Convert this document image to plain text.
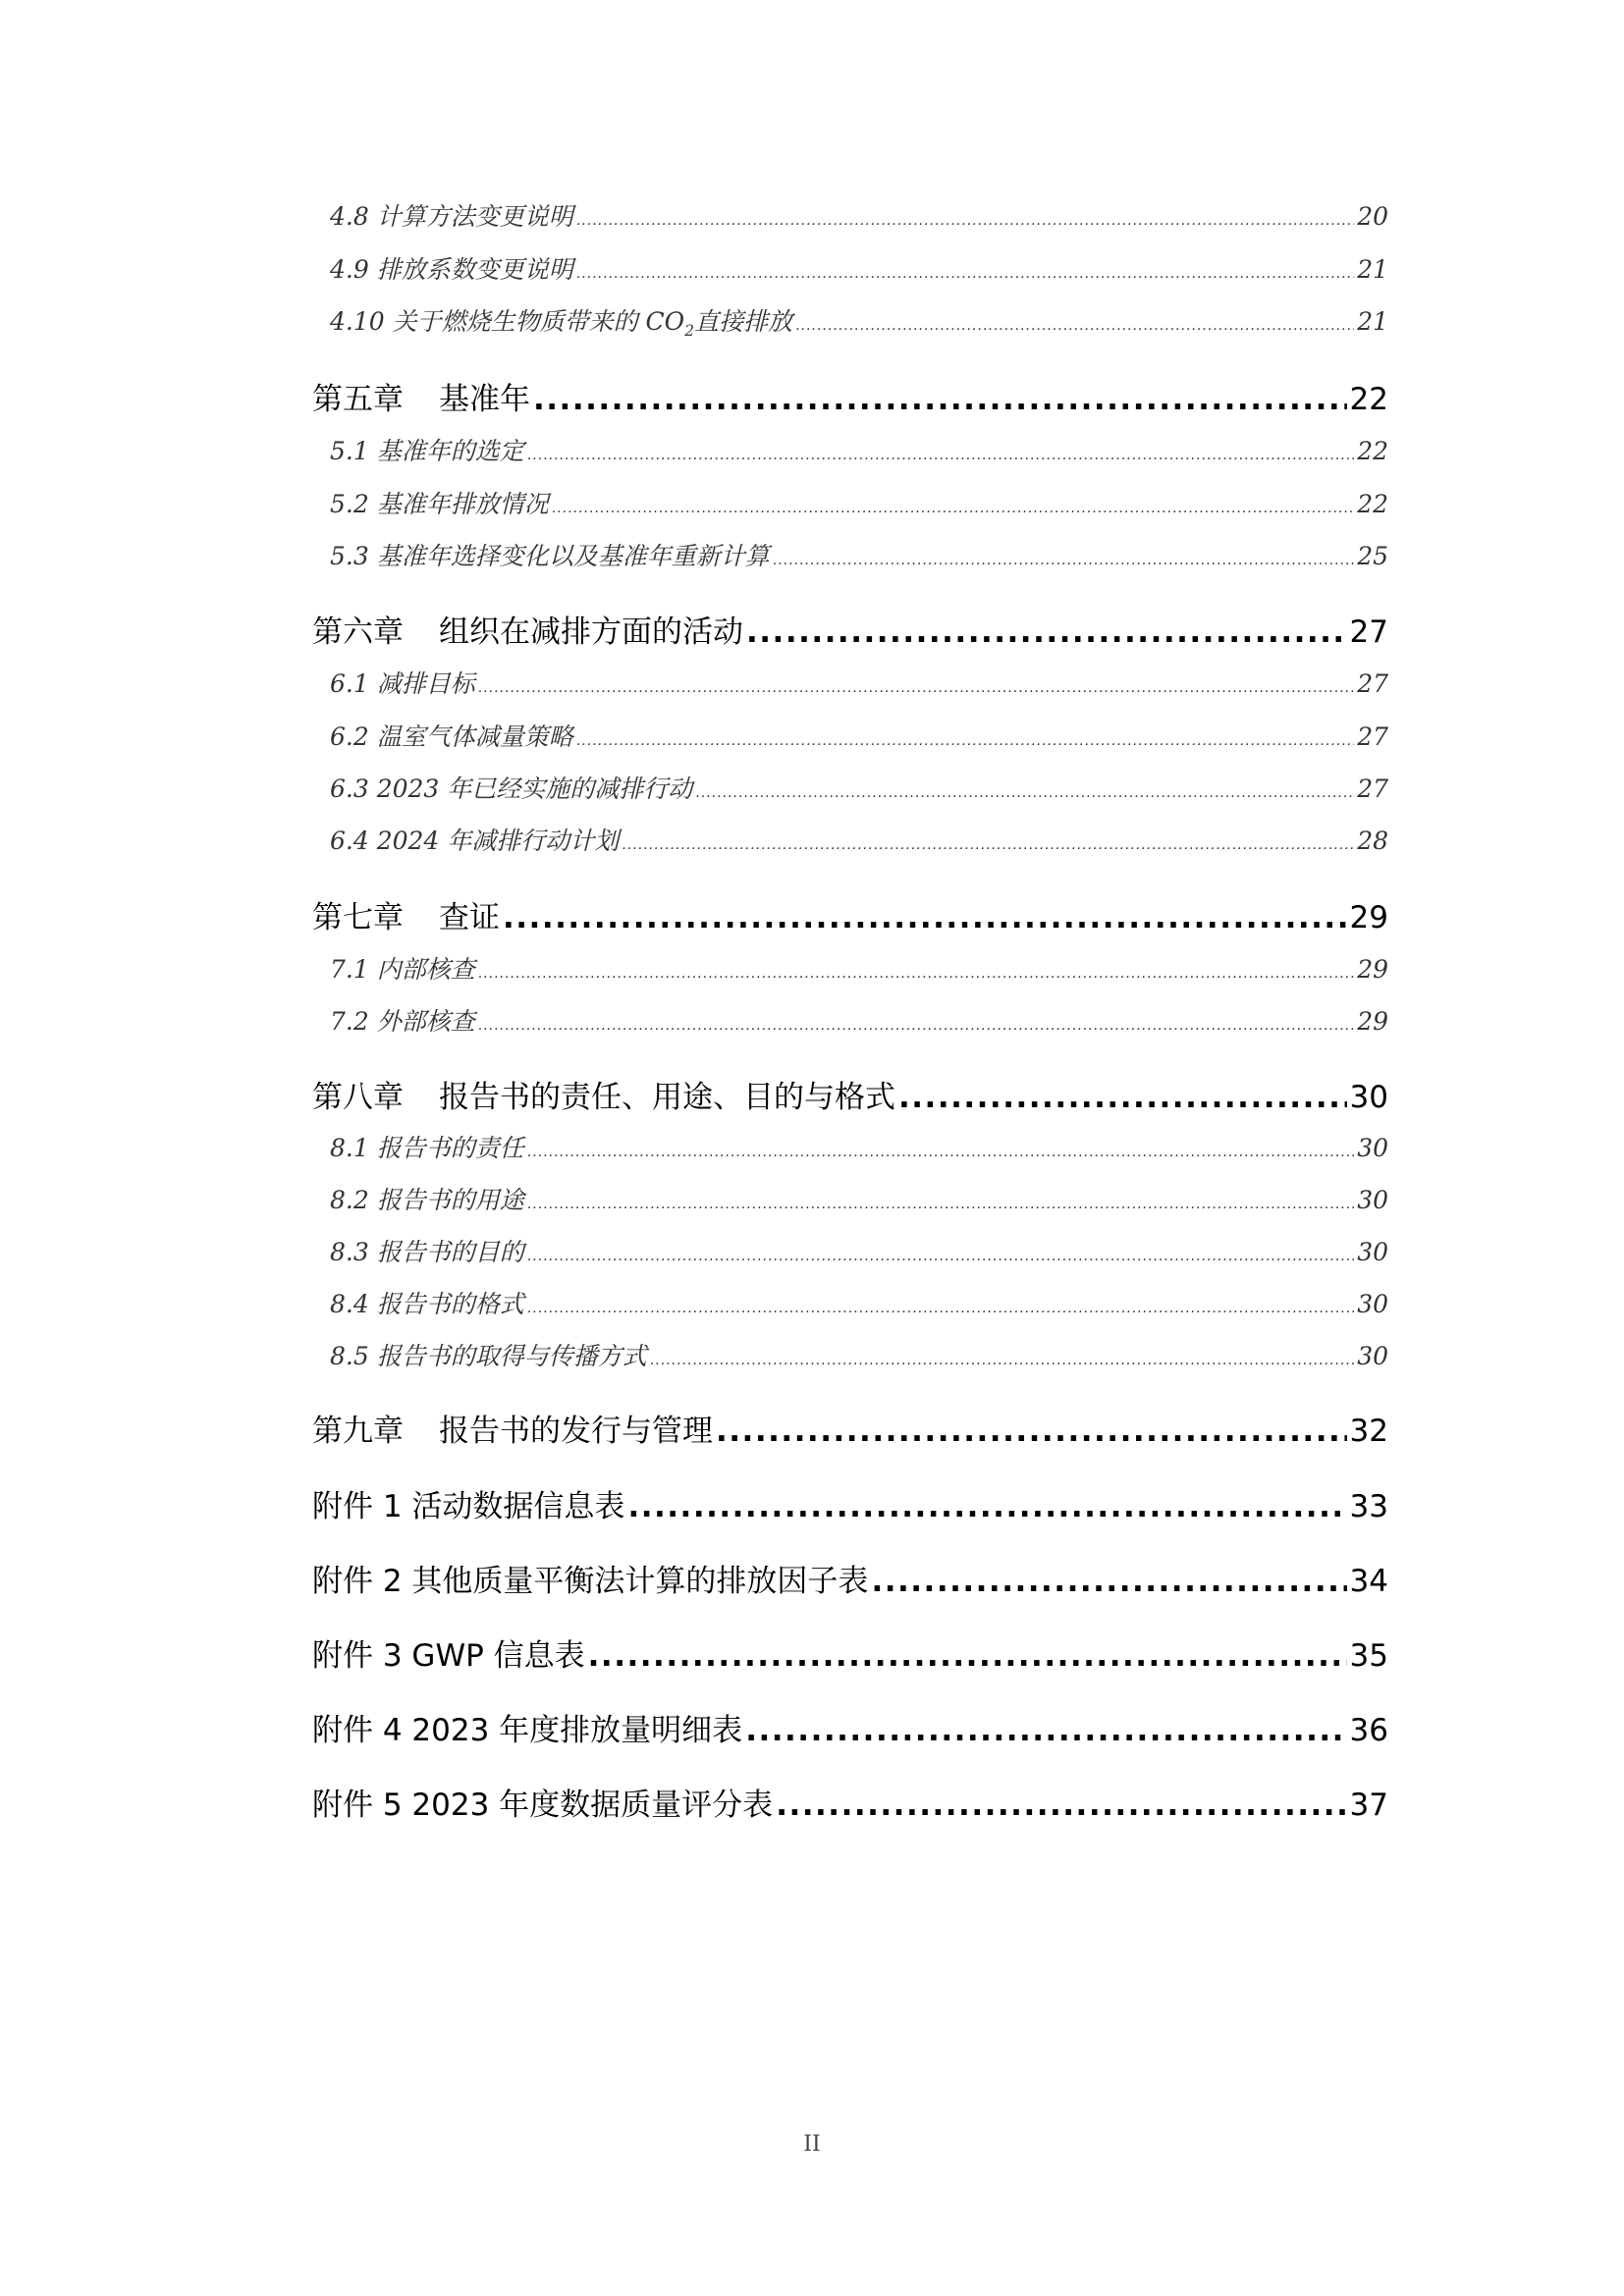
4.8 计算方法变更说明 .....	20
4.9 排放系数变更说明 .....	21
4.10 关于燃烧生物质带来的 $CO_2$直接排放 .....	21
第五章 基准年 .....	22
5.1 基准年的选定 .....	22
5.2 基准年排放情况 .....	22
5.3 基准年选择变化以及基准年重新计算 .....	25
第六章 组织在减排方面的活动 .....	27
6.1 减排目标 .....	27
6.2 温室气体减量策略 .....	27
6.3 2023 年已经实施的减排行动 .....	27
6.4 2024 年减排行动计划 .....	28
第七章 查证 .....	29
7.1 内部核查 .....	29
7.2 外部核查 .....	29
第八章 报告书的责任、用途、目的与格式 .....	30
8.1 报告书的责任 .....	30
8.2 报告书的用途 .....	30
8.3 报告书的目的 .....	30
8.4 报告书的格式 .....	30
8.5 报告书的取得与传播方式 .....	30
第九章 报告书的发行与管理 .....	32
附件 1 活动数据信息表 .....	33
附件 2 其他质量平衡法计算的排放因子表 .....	34
附件 3 GWP 信息表 .....	35
附件 4 2023 年度排放量明细表 .....	36
附件 5 2023 年度数据质量评分表 .....	37
II
